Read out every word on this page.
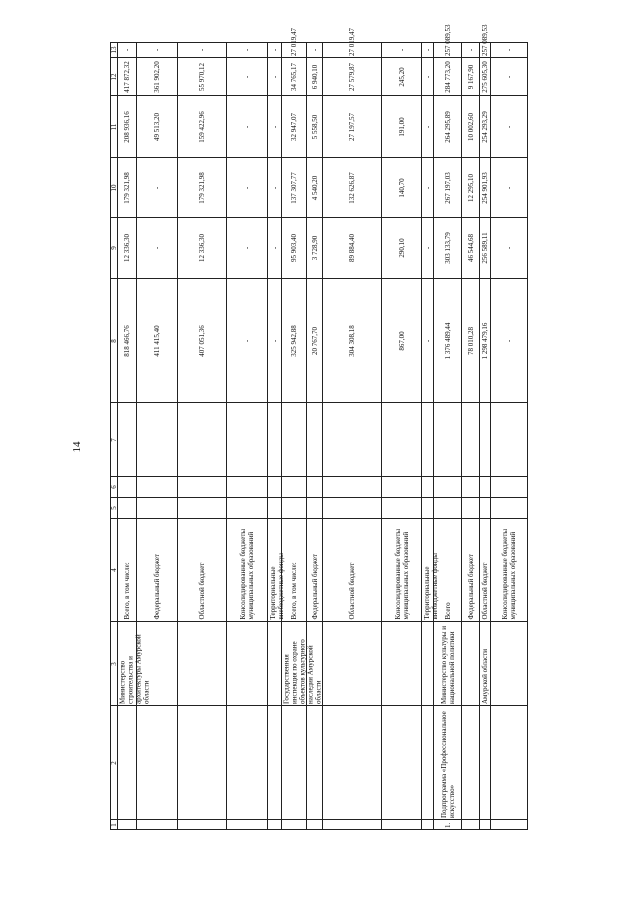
14
13
12
11
10
9
8
7
6
5
4
3
2
1
-
417 872,32
208 936,16
179 321,98
12 336,30
818 466,76
Всего, в том числе:
Министерство строительства и архитектуры Амурской области
-
361 902,20
49 513,20
-
-
411 415,40
Федеральный бюджет
-
55 970,12
159 422,96
179 321,98
12 336,30
407 051,36
Областной бюджет
-
-
-
-
-
-
Консолидированные бюджеты муниципальных образований
-
-
-
-
-
-
Территориальные внебюджетные фонды
27 019,47
34 765,17
32 947,07
137 307,77
95 903,40
325 942,88
Всего, в том числе:
Государственная инспекция по охране объектов культурного наследия Амурской области
-
6 940,10
5 558,50
4 540,20
3 728,90
20 767,70
Федеральный бюджет
27 019,47
27 579,87
27 197,57
132 626,87
89 884,40
304 308,18
Областной бюджет
-
245,20
191,00
140,70
290,10
867,00
Консолидированные бюджеты муниципальных образований
-
-
-
-
-
-
Территориальные внебюджетные фонды
257 089,53
284 773,20
264 295,89
267 197,03
303 133,79
1 376 489,44
Всего
Министерство культуры и национальной политики
Подпрограмма «Профессиональное искусство»
1.
-
9 167,90
10 002,60
12 295,10
46 544,68
78 010,28
Федеральный бюджет
257 089,53
275 605,30
254 293,29
254 901,93
256 589,11
1 298 479,16
Областной бюджет
Амурской области
-
-
-
-
-
-
Консолидированные бюджеты муниципальных образований
